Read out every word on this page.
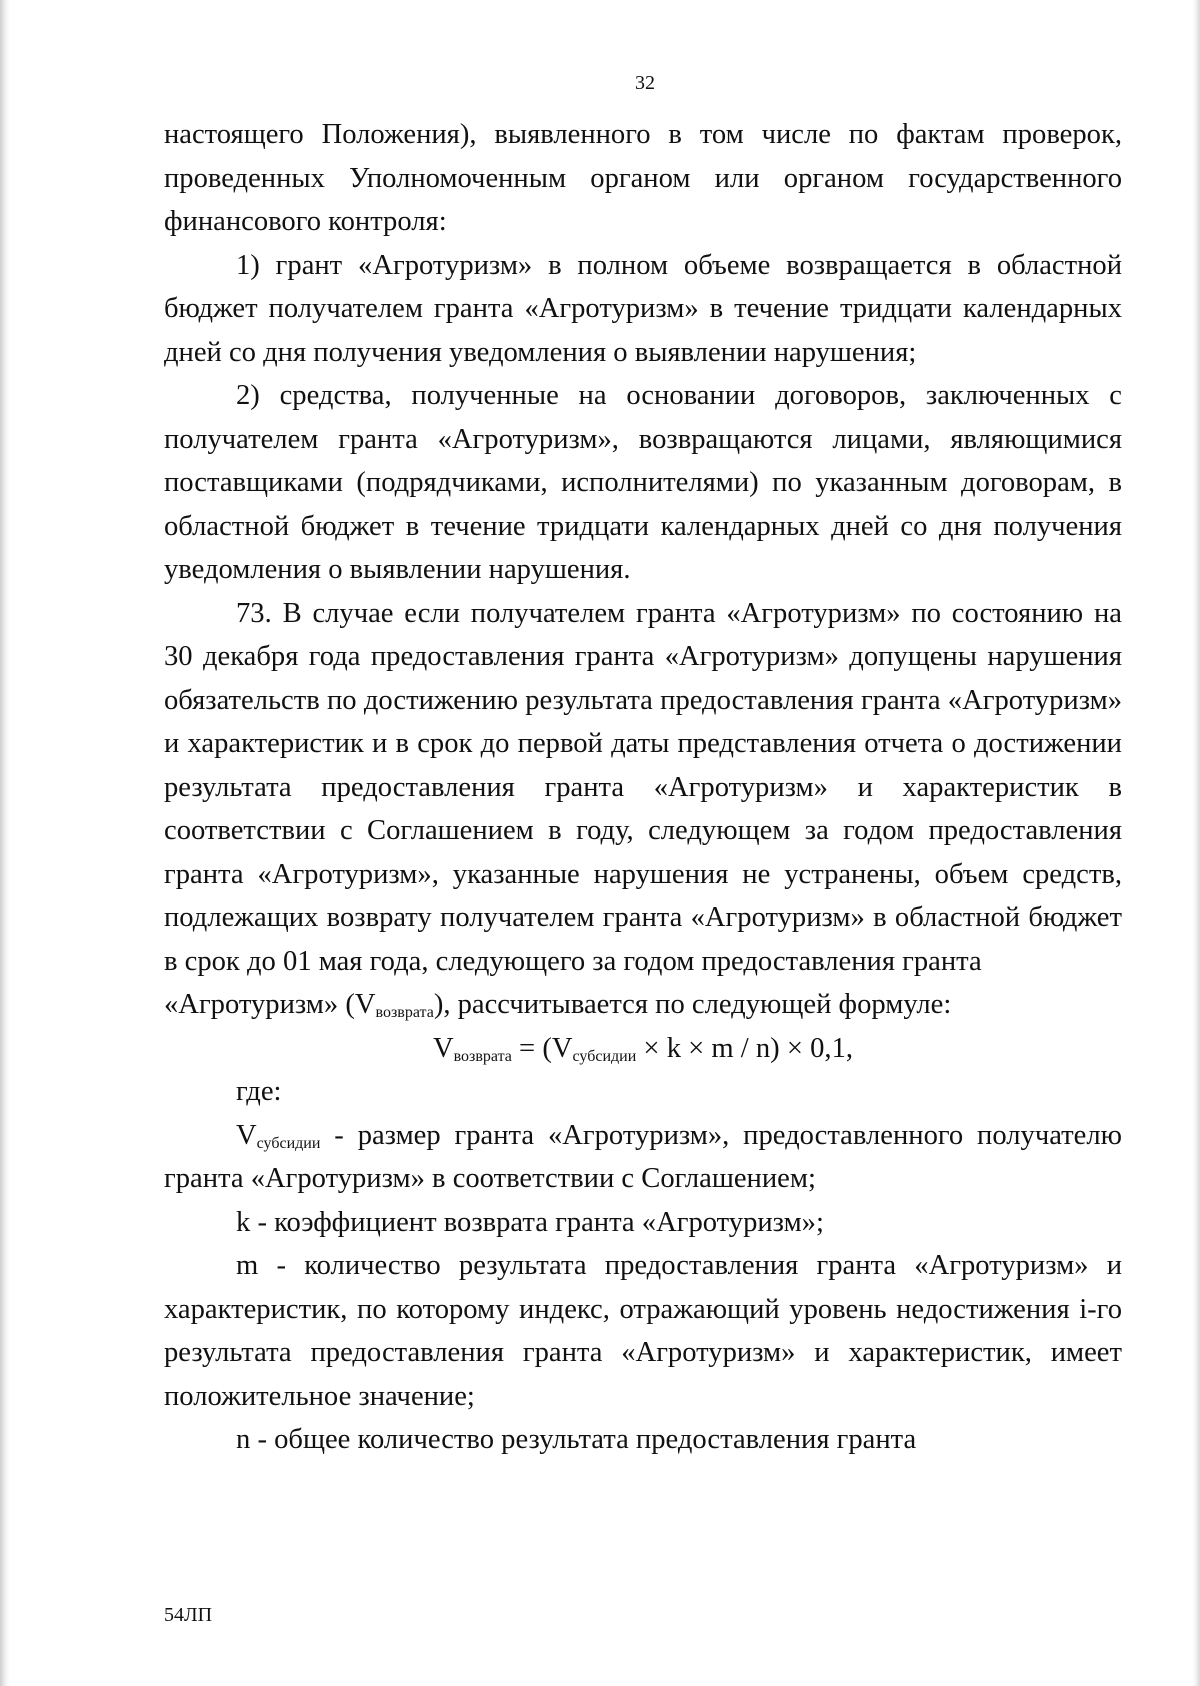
32

настоящего Положения), выявленного в том числе по фактам проверок, проведенных Уполномоченным органом или органом государственного финансового контроля:

1) грант «Агротуризм» в полном объеме возвращается в областной бюджет получателем гранта «Агротуризм» в течение тридцати календарных дней со дня получения уведомления о выявлении нарушения;

2) средства, полученные на основании договоров, заключенных с получателем гранта «Агротуризм», возвращаются лицами, являющимися поставщиками (подрядчиками, исполнителями) по указанным договорам, в областной бюджет в течение тридцати календарных дней со дня получения уведомления о выявлении нарушения.

73. В случае если получателем гранта «Агротуризм» по состоянию на 30 декабря года предоставления гранта «Агротуризм» допущены нарушения обязательств по достижению результата предоставления гранта «Агротуризм» и характеристик и в срок до первой даты представления отчета о достижении результата предоставления гранта «Агротуризм» и характеристик в соответствии с Соглашением в году, следующем за годом предоставления гранта «Агротуризм», указанные нарушения не устранены, объем средств, подлежащих возврату получателем гранта «Агротуризм» в областной бюджет в срок до 01 мая года, следующего за годом предоставления гранта

«Агротуризм» $(V_{возврата})$, рассчитывается по следующей формуле:

$V_{возврата} = (V_{субсидии} \times k \times m / n) \times 0,1$,

где:

$V_{субсидии}$ - размер гранта «Агротуризм», предоставленного получателю гранта «Агротуризм» в соответствии с Соглашением;

k - коэффициент возврата гранта «Агротуризм»;

m - количество результата предоставления гранта «Агротуризм» и характеристик, по которому индекс, отражающий уровень недостижения i-го результата предоставления гранта «Агротуризм» и характеристик, имеет положительное значение;

n - общее количество результата предоставления гранта

54ЛП
